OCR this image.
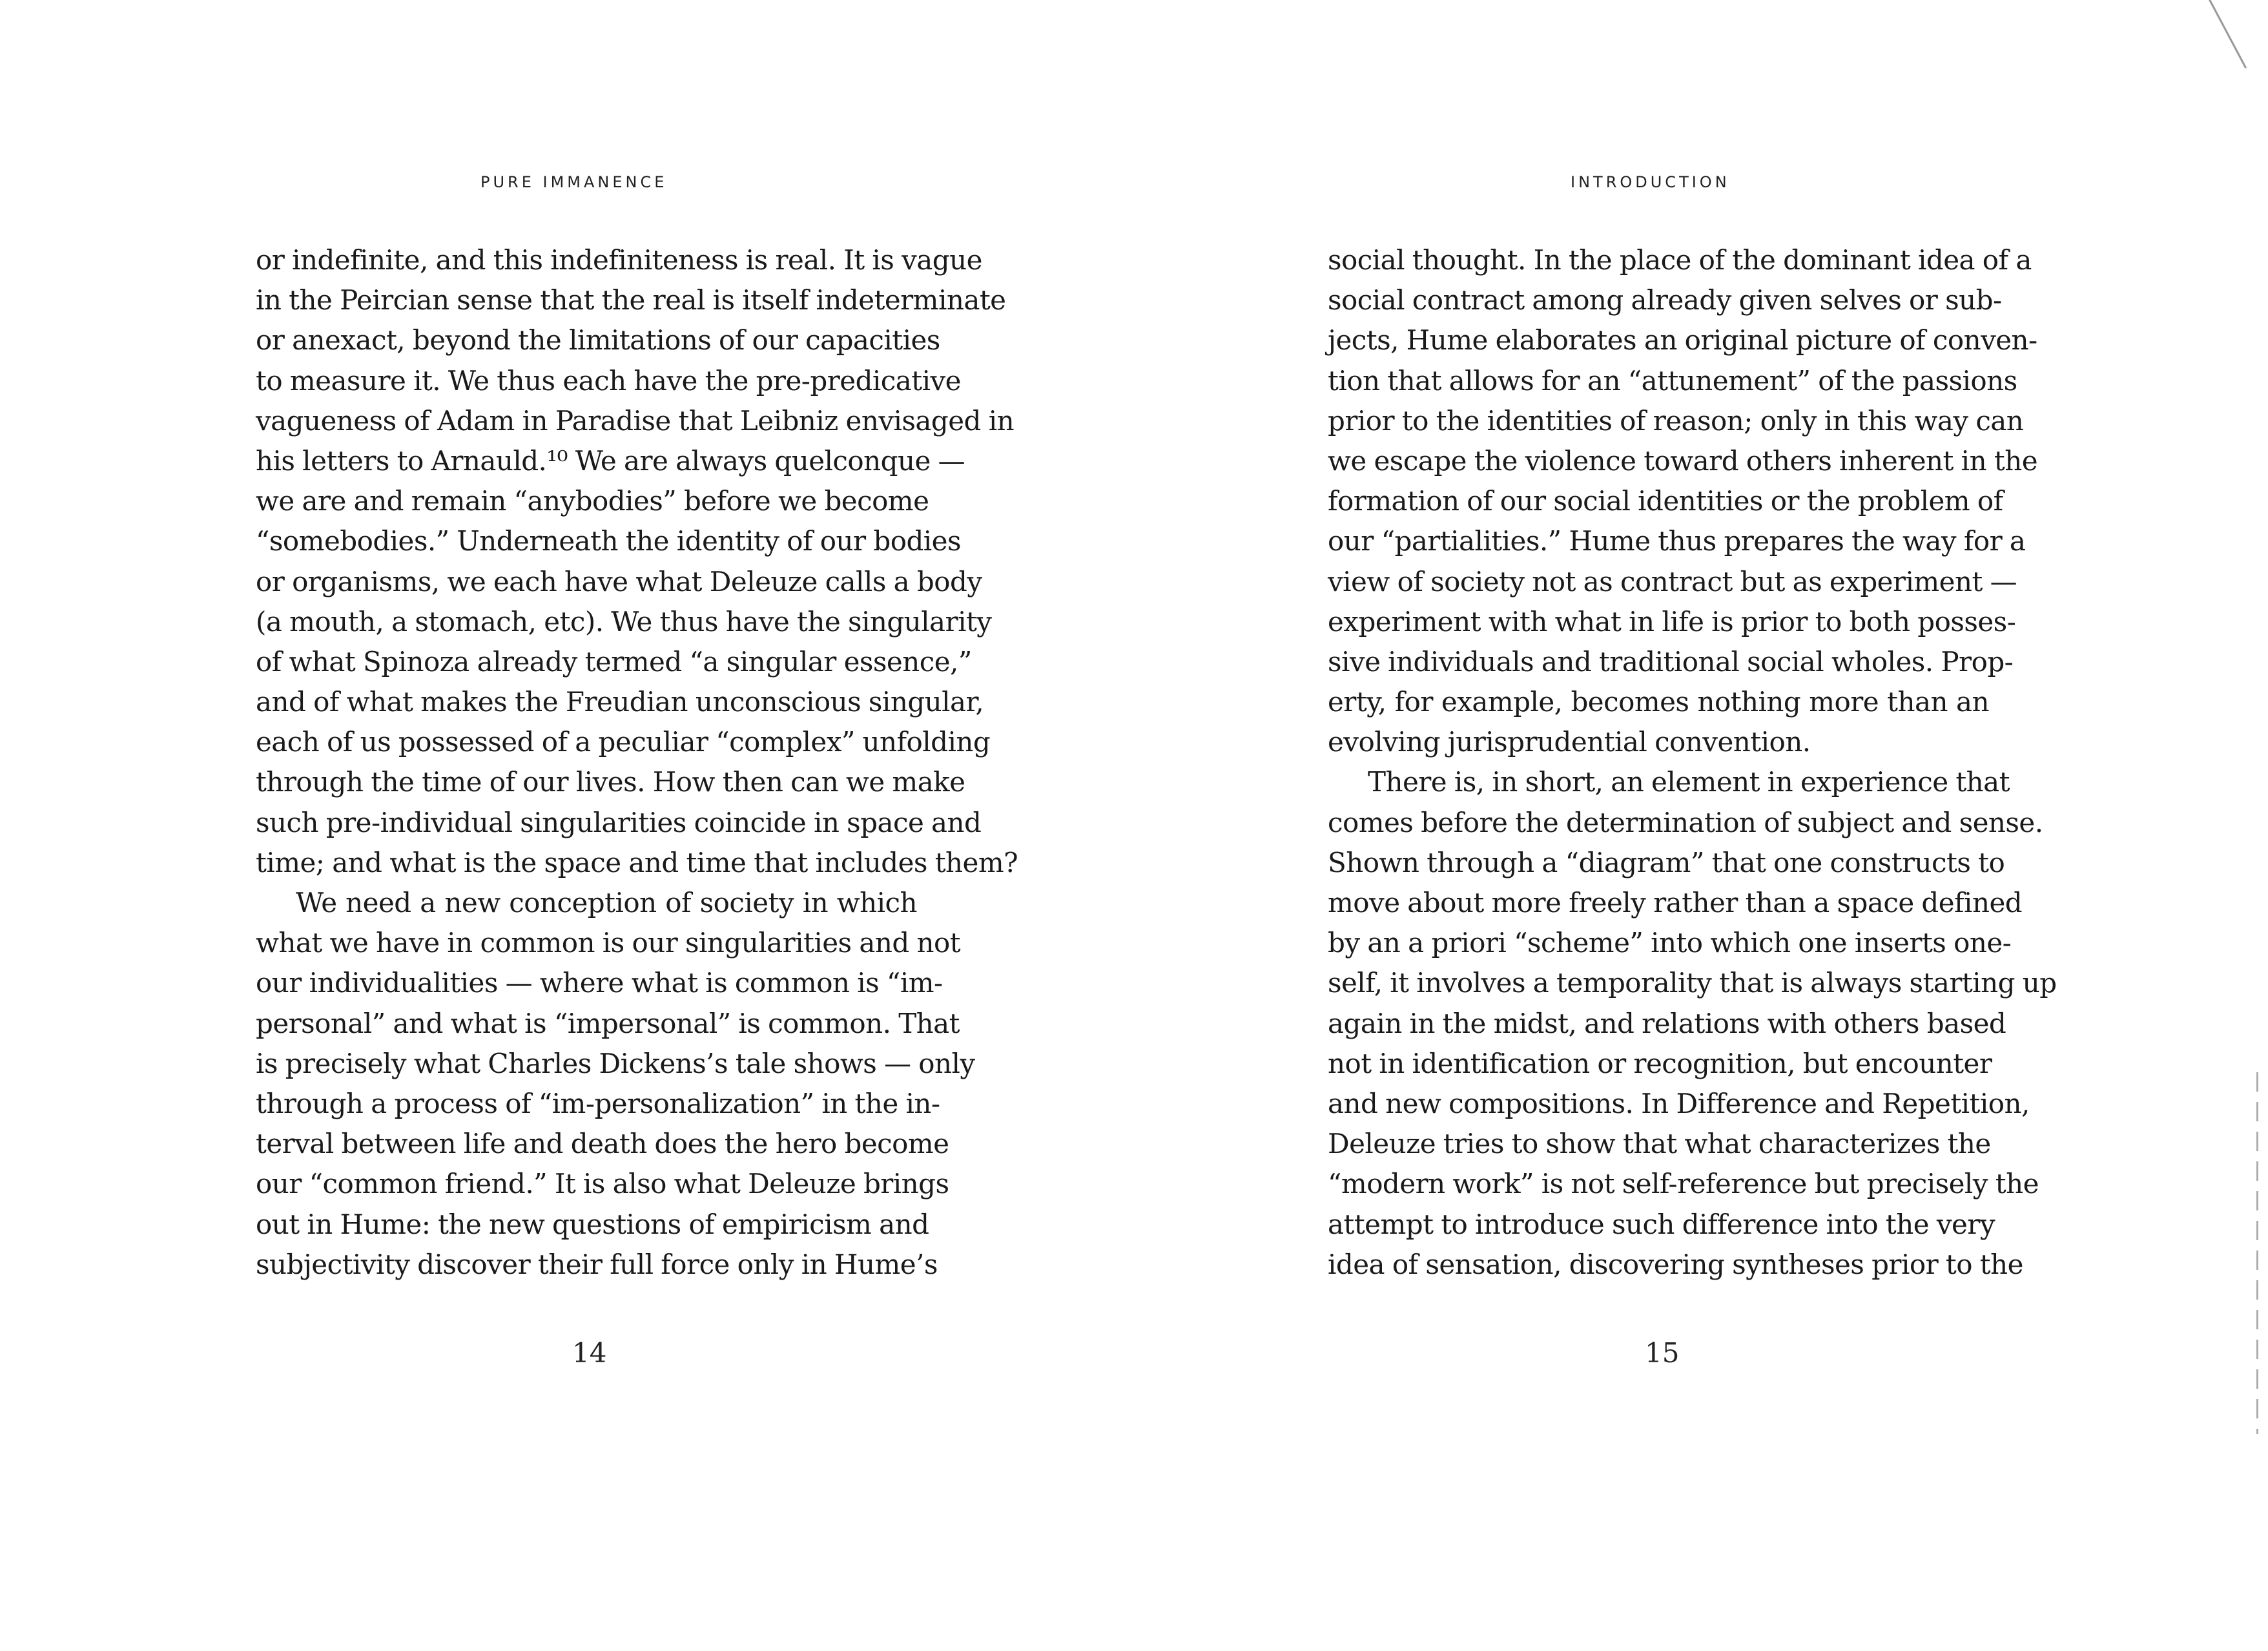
PURE IMMANENCE
or indefinite, and this indefiniteness is real. It is vague
in the Peircian sense that the real is itself indeterminate
or anexact, beyond the limitations of our capacities
to measure it. We thus each have the pre-predicative
vagueness of Adam in Paradise that Leibniz envisaged in
his letters to Arnauld.¹⁰ We are always quelconque —
we are and remain “anybodies” before we become
“somebodies.” Underneath the identity of our bodies
or organisms, we each have what Deleuze calls a body
(a mouth, a stomach, etc). We thus have the singularity
of what Spinoza already termed “a singular essence,”
and of what makes the Freudian unconscious singular,
each of us possessed of a peculiar “complex” unfolding
through the time of our lives. How then can we make
such pre-individual singularities coincide in space and
time; and what is the space and time that includes them?
We need a new conception of society in which
what we have in common is our singularities and not
our individualities — where what is common is “im-
personal” and what is “impersonal” is common. That
is precisely what Charles Dickens’s tale shows — only
through a process of “im-personalization” in the in-
terval between life and death does the hero become
our “common friend.” It is also what Deleuze brings
out in Hume: the new questions of empiricism and
subjectivity discover their full force only in Hume’s
14
INTRODUCTION
social thought. In the place of the dominant idea of a
social contract among already given selves or sub-
jects, Hume elaborates an original picture of conven-
tion that allows for an “attunement” of the passions
prior to the identities of reason; only in this way can
we escape the violence toward others inherent in the
formation of our social identities or the problem of
our “partialities.” Hume thus prepares the way for a
view of society not as contract but as experiment —
experiment with what in life is prior to both posses-
sive individuals and traditional social wholes. Prop-
erty, for example, becomes nothing more than an
evolving jurisprudential convention.
There is, in short, an element in experience that
comes before the determination of subject and sense.
Shown through a “diagram” that one constructs to
move about more freely rather than a space defined
by an a priori “scheme” into which one inserts one-
self, it involves a temporality that is always starting up
again in the midst, and relations with others based
not in identification or recognition, but encounter
and new compositions. In Difference and Repetition,
Deleuze tries to show that what characterizes the
“modern work” is not self-reference but precisely the
attempt to introduce such difference into the very
idea of sensation, discovering syntheses prior to the
15
